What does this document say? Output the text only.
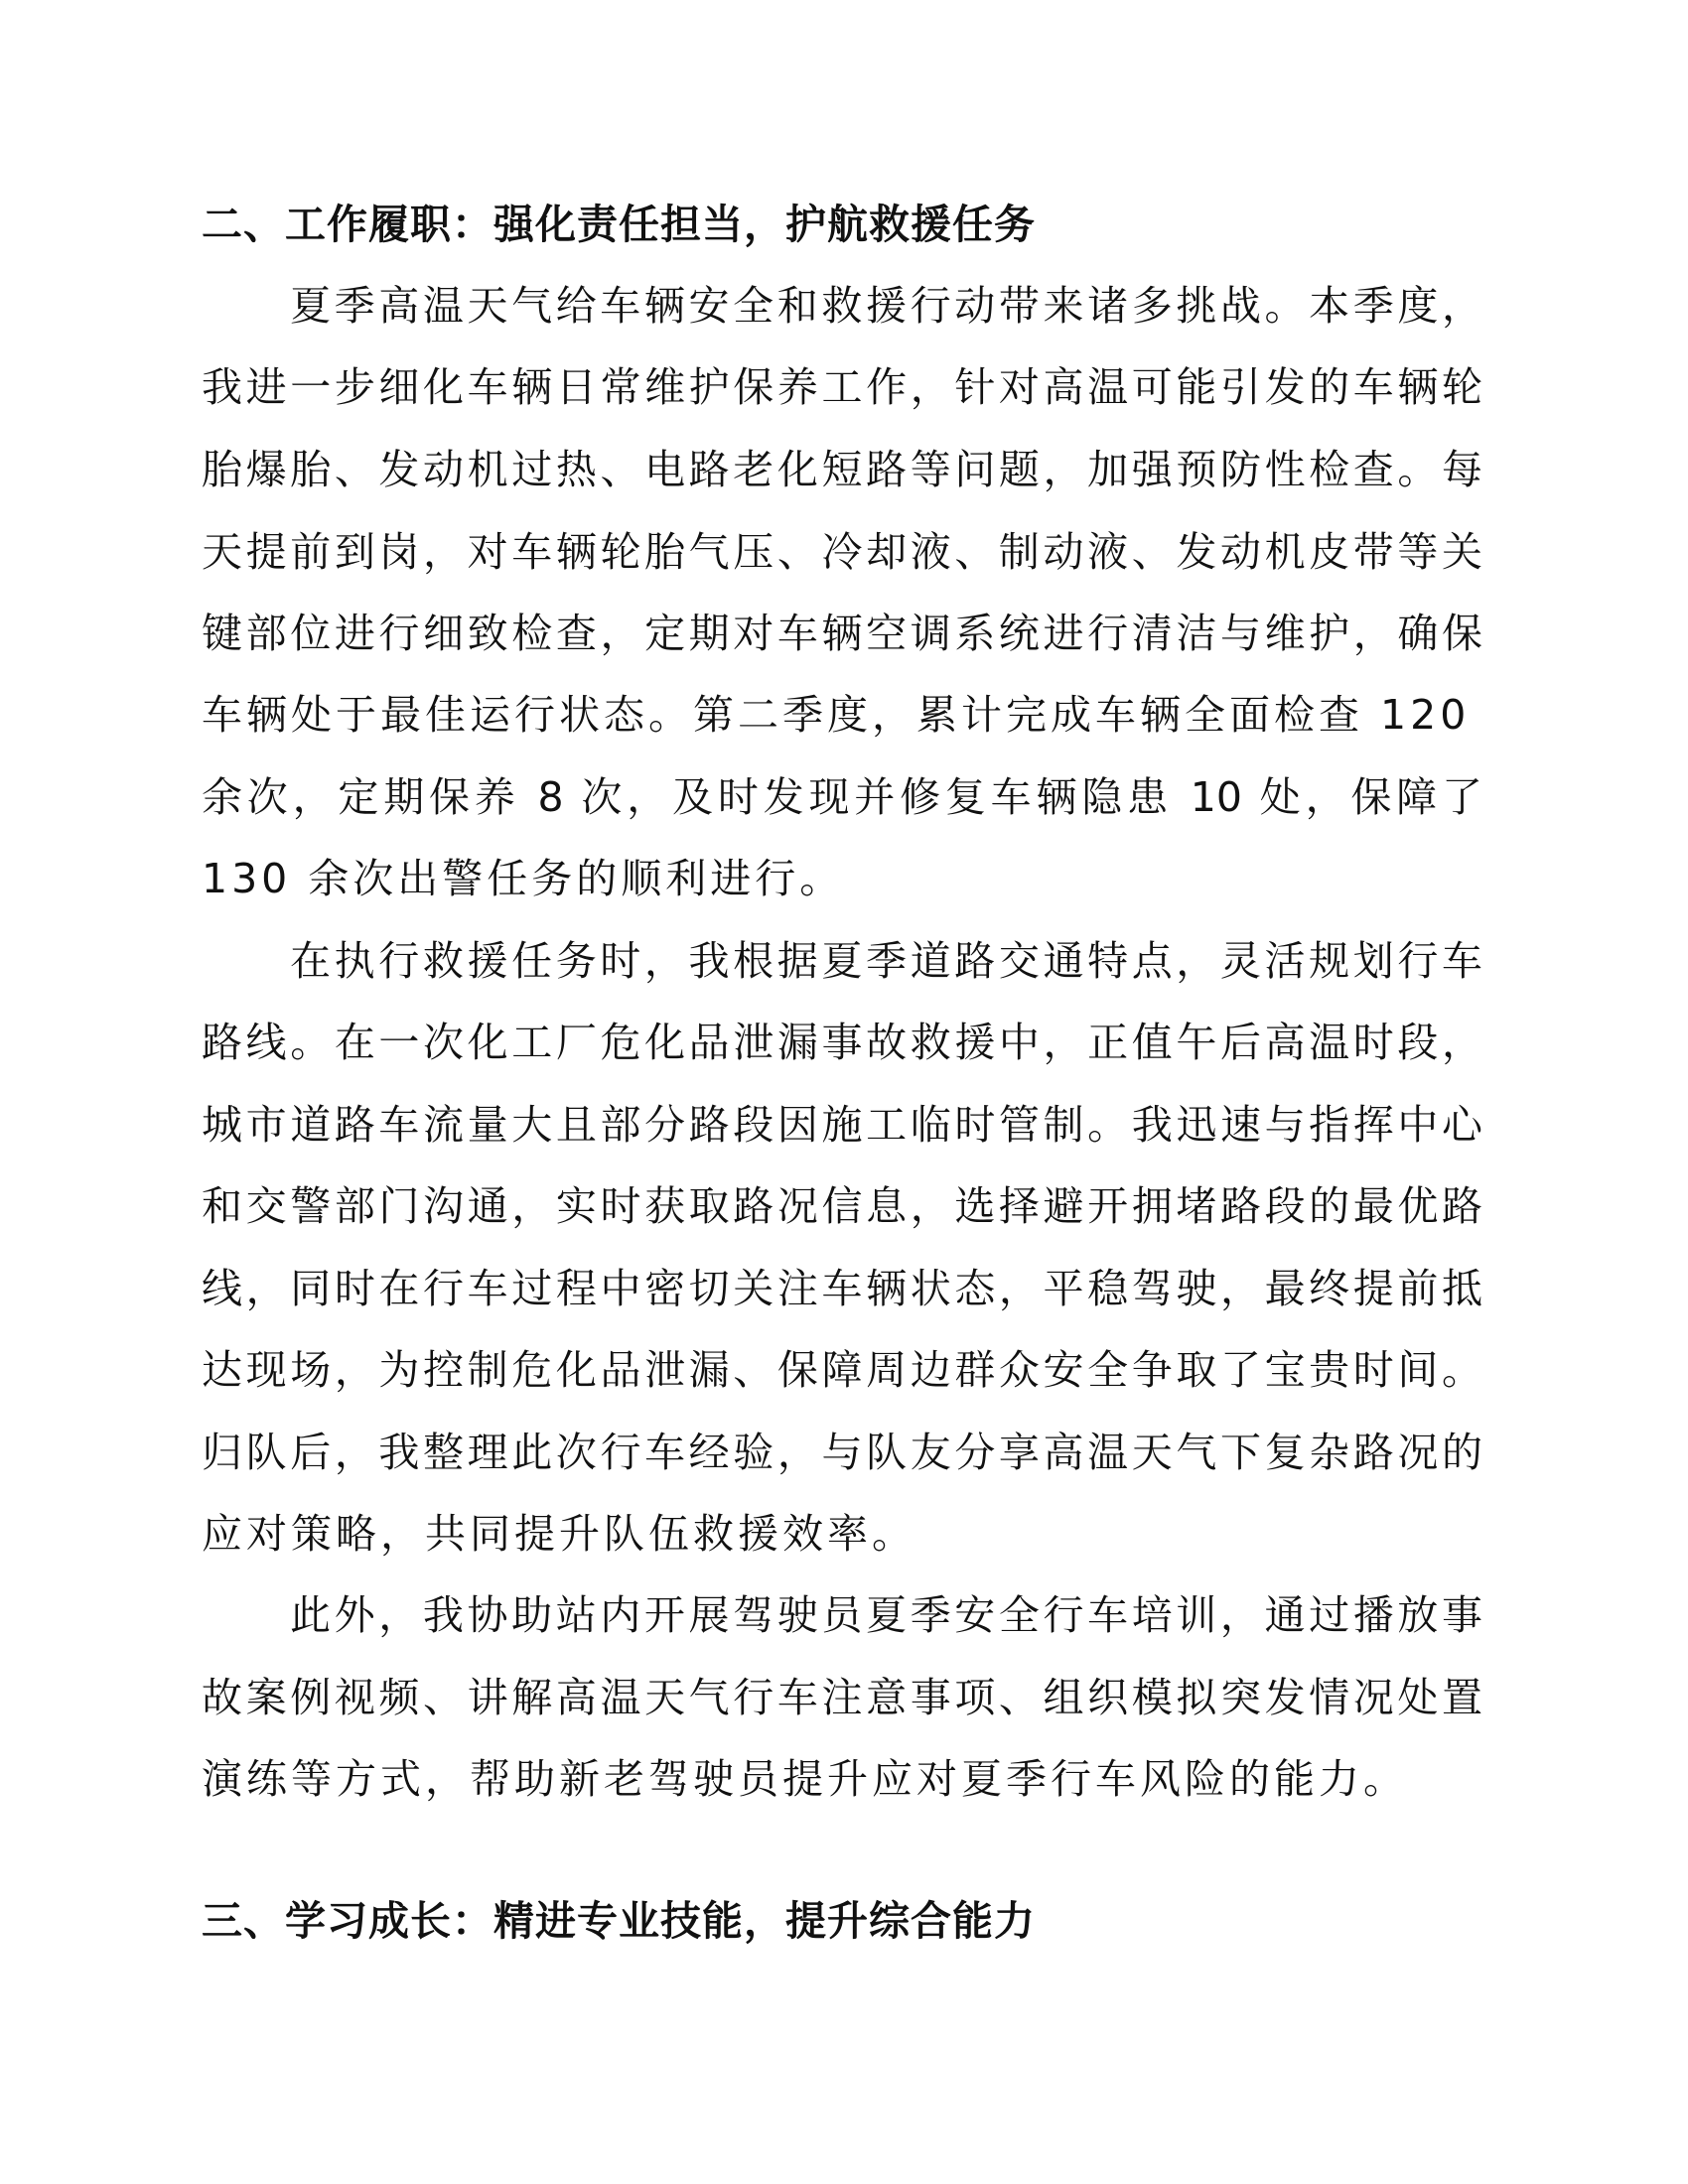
二、工作履职：强化责任担当，护航救援任务

夏季高温天气给车辆安全和救援行动带来诸多挑战。本季度，

我进一步细化车辆日常维护保养工作，针对高温可能引发的车辆轮

胎爆胎、发动机过热、电路老化短路等问题，加强预防性检查。每

天提前到岗，对车辆轮胎气压、冷却液、制动液、发动机皮带等关

键部位进行细致检查，定期对车辆空调系统进行清洁与维护，确保

车辆处于最佳运行状态。第二季度，累计完成车辆全面检查 120

余次，定期保养 8 次，及时发现并修复车辆隐患 10 处，保障了

130 余次出警任务的顺利进行。

在执行救援任务时，我根据夏季道路交通特点，灵活规划行车

路线。在一次化工厂危化品泄漏事故救援中，正值午后高温时段，

城市道路车流量大且部分路段因施工临时管制。我迅速与指挥中心

和交警部门沟通，实时获取路况信息，选择避开拥堵路段的最优路

线，同时在行车过程中密切关注车辆状态，平稳驾驶，最终提前抵

达现场，为控制危化品泄漏、保障周边群众安全争取了宝贵时间。

归队后，我整理此次行车经验，与队友分享高温天气下复杂路况的

应对策略，共同提升队伍救援效率。

此外，我协助站内开展驾驶员夏季安全行车培训，通过播放事

故案例视频、讲解高温天气行车注意事项、组织模拟突发情况处置

演练等方式，帮助新老驾驶员提升应对夏季行车风险的能力。

三、学习成长：精进专业技能，提升综合能力
